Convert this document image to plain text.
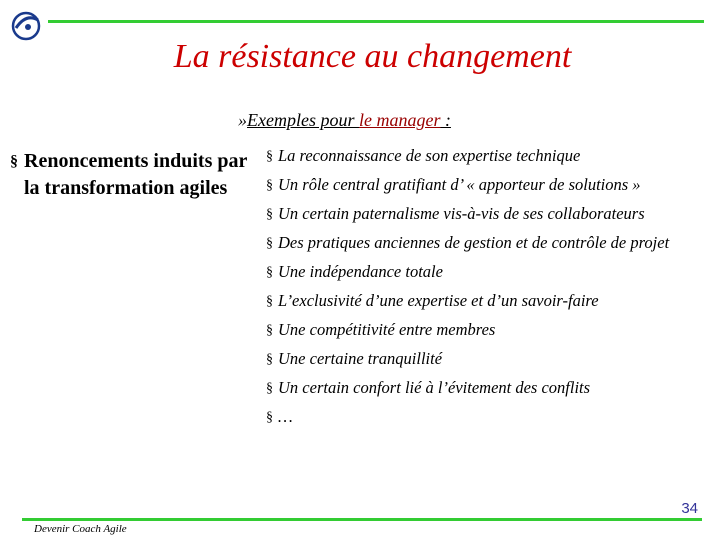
La résistance au changement
»Exemples pour le manager :
§ Renoncements induits par la transformation agiles
§ La reconnaissance de son expertise technique
§ Un rôle central gratifiant d’ « apporteur de solutions »
§ Un certain paternalisme vis-à-vis de ses collaborateurs
§ Des pratiques anciennes de gestion et de contrôle de projet
§ Une indépendance totale
§ L’exclusivité d’une expertise et d’un savoir-faire
§ Une compétitivité entre membres
§ Une certaine tranquillité
§ Un certain confort lié à l’évitement des conflits
§ …
34
Devenir Coach Agile
